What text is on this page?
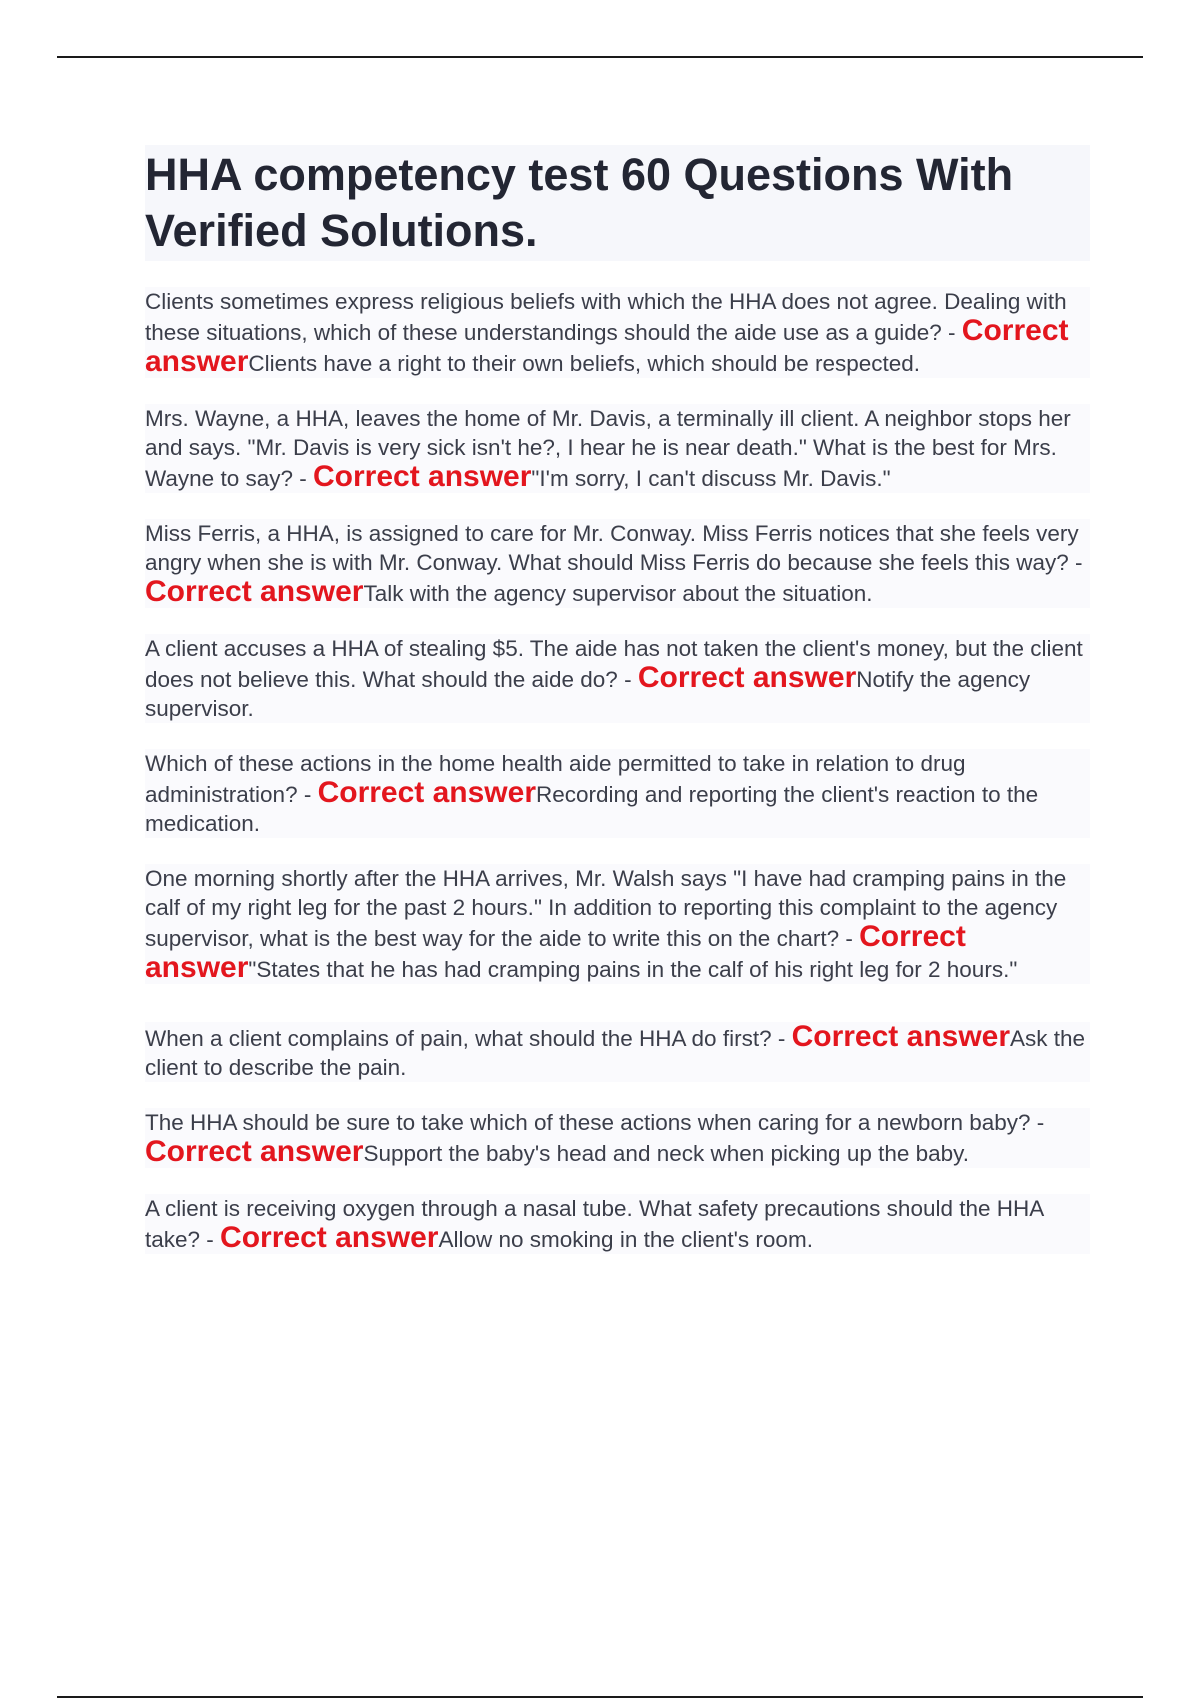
HHA competency test 60 Questions With Verified Solutions.

Clients sometimes express religious beliefs with which the HHA does not agree. Dealing with these situations, which of these understandings should the aide use as a guide? - Correct answerClients have a right to their own beliefs, which should be respected.

Mrs. Wayne, a HHA, leaves the home of Mr. Davis, a terminally ill client. A neighbor stops her and says. "Mr. Davis is very sick isn't he?, I hear he is near death." What is the best for Mrs. Wayne to say? - Correct answer"I'm sorry, I can't discuss Mr. Davis."

Miss Ferris, a HHA, is assigned to care for Mr. Conway. Miss Ferris notices that she feels very angry when she is with Mr. Conway. What should Miss Ferris do because she feels this way? - Correct answerTalk with the agency supervisor about the situation.

A client accuses a HHA of stealing $5. The aide has not taken the client's money, but the client does not believe this. What should the aide do? - Correct answerNotify the agency supervisor.

Which of these actions in the home health aide permitted to take in relation to drug administration? - Correct answerRecording and reporting the client's reaction to the medication.

One morning shortly after the HHA arrives, Mr. Walsh says "I have had cramping pains in the calf of my right leg for the past 2 hours." In addition to reporting this complaint to the agency supervisor, what is the best way for the aide to write this on the chart? - Correct answer"States that he has had cramping pains in the calf of his right leg for 2 hours."

When a client complains of pain, what should the HHA do first? - Correct answerAsk the client to describe the pain.

The HHA should be sure to take which of these actions when caring for a newborn baby? - Correct answerSupport the baby's head and neck when picking up the baby.

A client is receiving oxygen through a nasal tube. What safety precautions should the HHA take? - Correct answerAllow no smoking in the client's room.
